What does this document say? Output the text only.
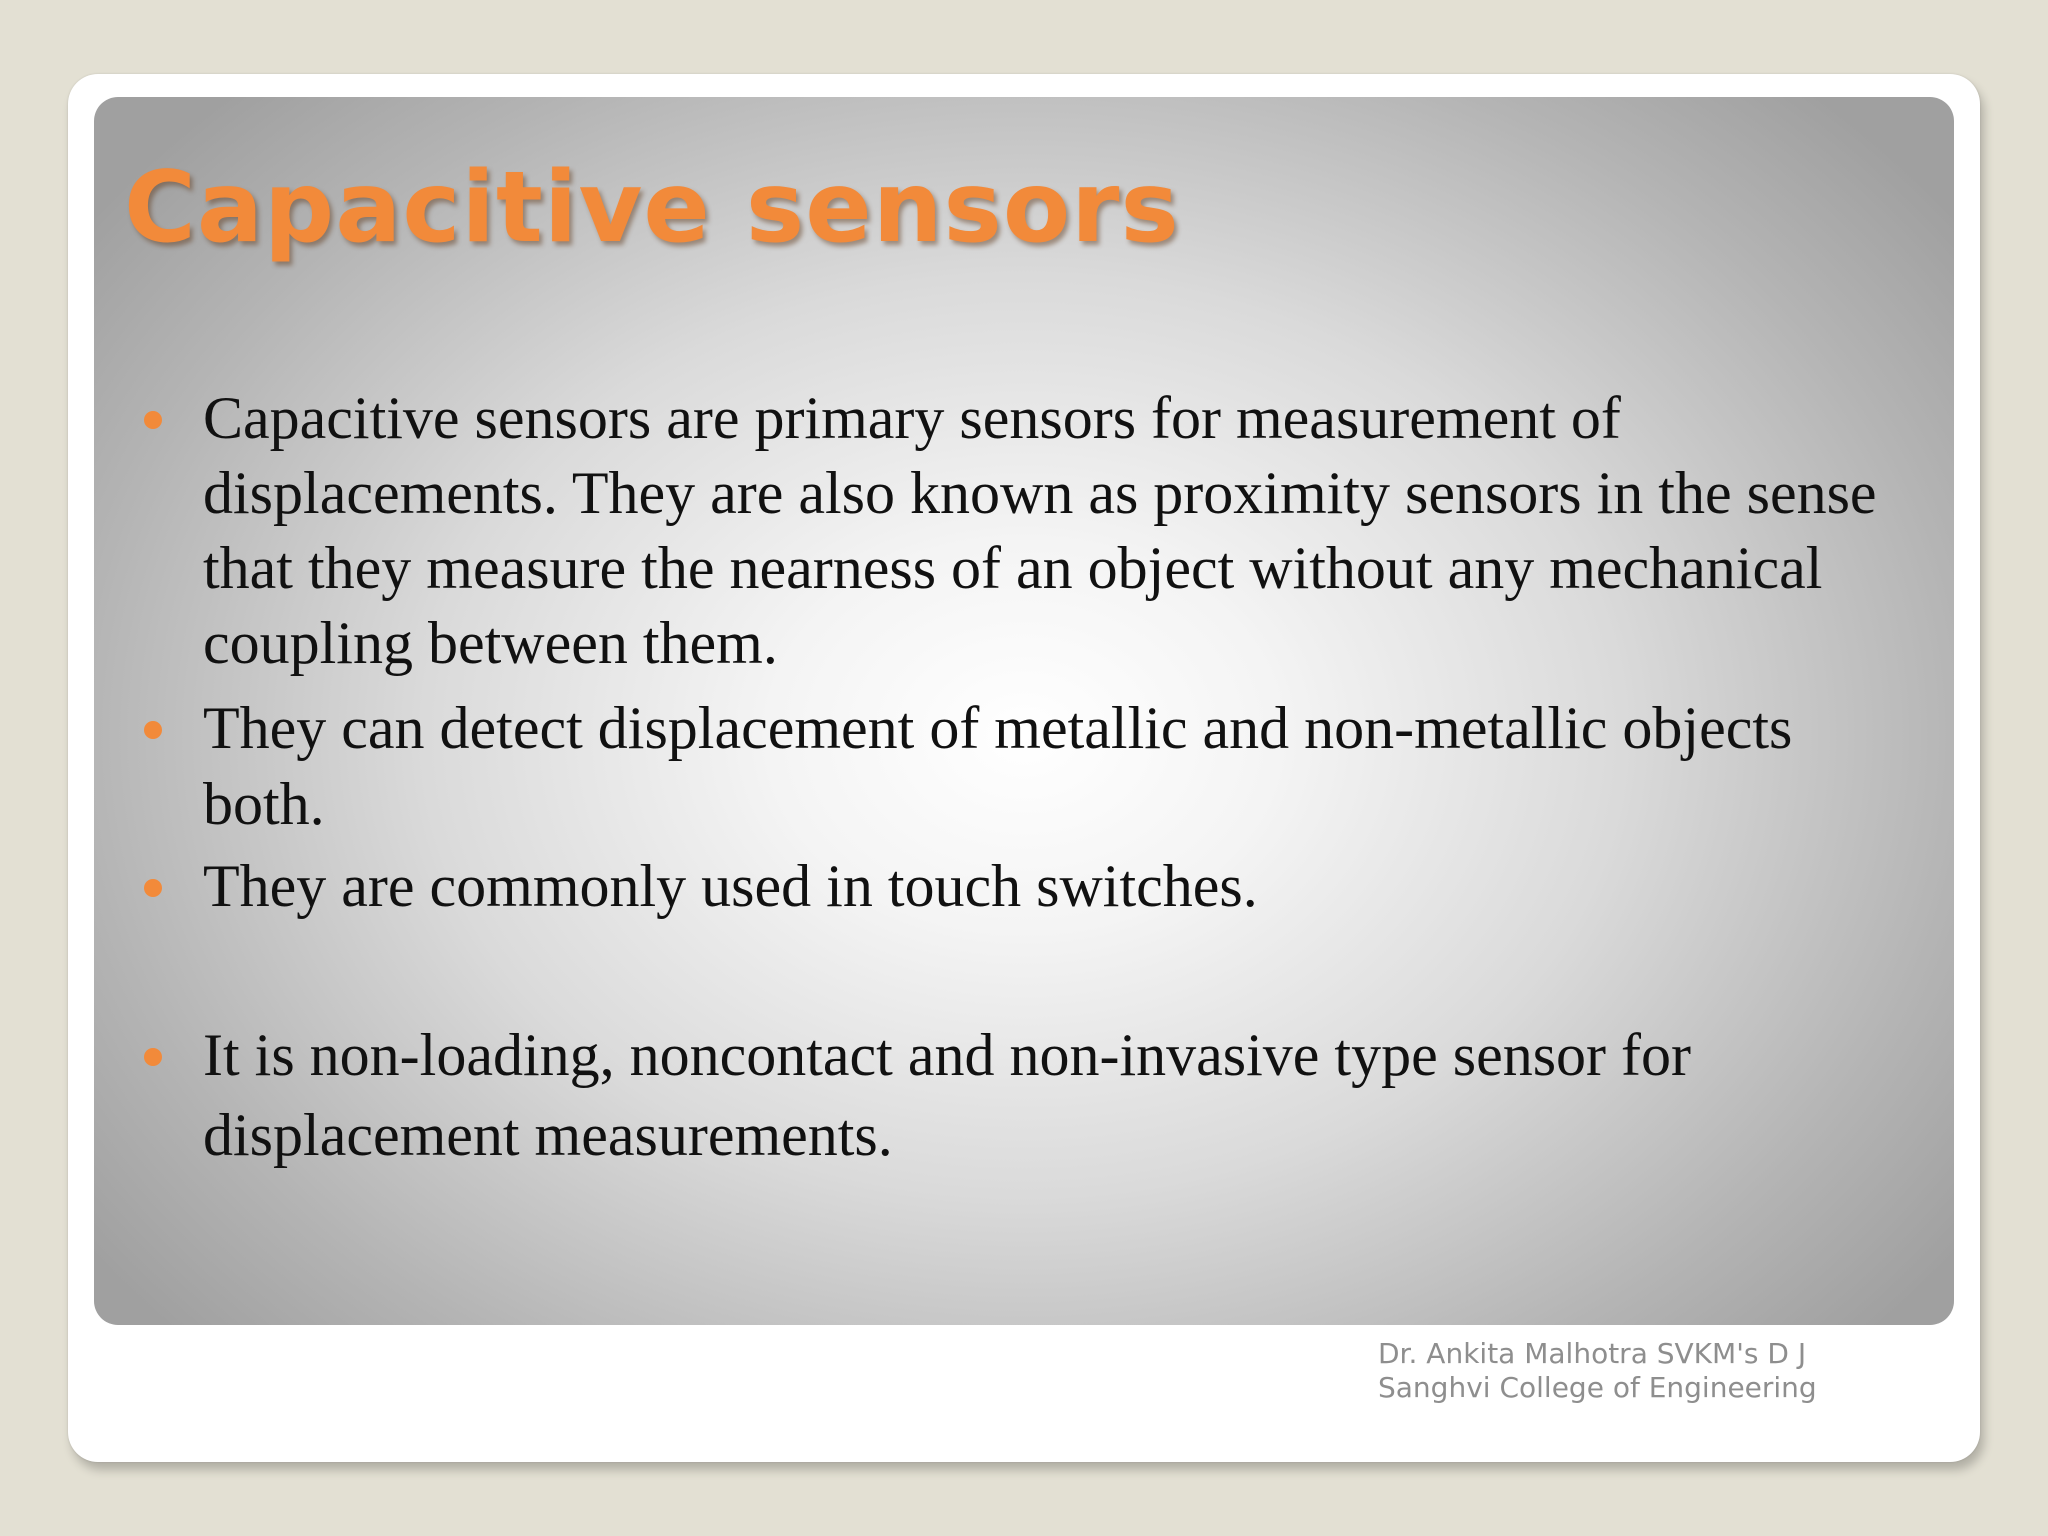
Capacitive sensors

Capacitive sensors are primary sensors for measurement of displacements. They are also known as proximity sensors in the sense that they measure the nearness of an object without any mechanical coupling between them.

They can detect displacement of metallic and non-metallic objects both.

They are commonly used in touch switches.

It is non-loading, noncontact and non-invasive type sensor for displacement measurements.

Dr. Ankita Malhotra SVKM's D J Sanghvi College of Engineering
